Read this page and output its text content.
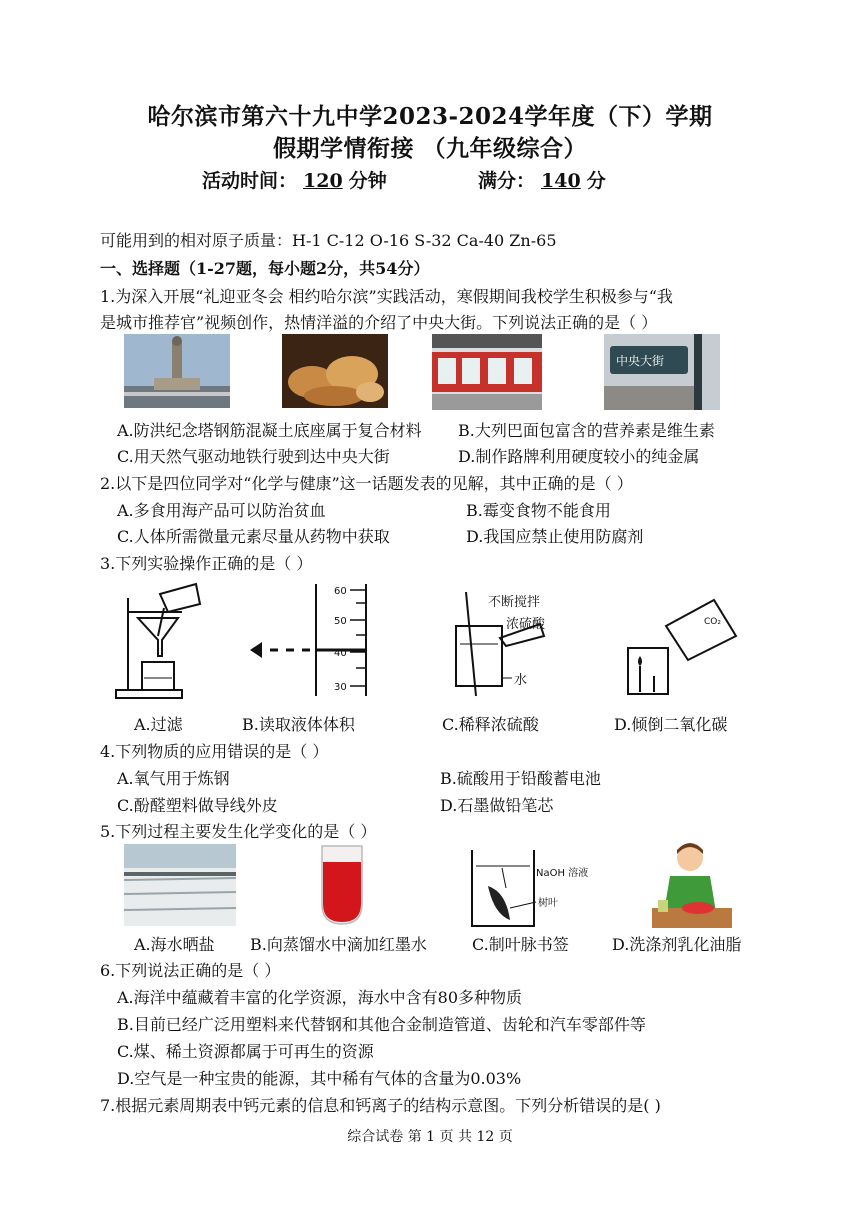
哈尔滨市第六十九中学2023-2024学年度（下）学期
假期学情衔接 （九年级综合）
活动时间： 120 分钟	满分： 140 分
可能用到的相对原子质量：H-1 C-12 O-16 S-32 Ca-40 Zn-65
一、选择题（1-27题，每小题2分，共54分）
1.为深入开展“礼迎亚冬会 相约哈尔滨”实践活动，寒假期间我校学生积极参与“我
是城市推荐官”视频创作，热情洋溢的介绍了中央大街。下列说法正确的是（ ）
中央大街
A.防洪纪念塔钢筋混凝土底座属于复合材料 B.大列巴面包富含的营养素是维生素
C.用天然气驱动地铁行驶到达中央大街	D.制作路牌利用硬度较小的纯金属
2.以下是四位同学对“化学与健康”这一话题发表的见解，其中正确的是（ ）
A.多食用海产品可以防治贫血	B.霉变食物不能食用
C.人体所需微量元素尽量从药物中获取	D.我国应禁止使用防腐剂
3.下列实验操作正确的是（ ）
60
50
40
30
不断搅拌
浓硫酸
水
CO₂
A.过滤	B.读取液体体积	C.稀释浓硫酸	D.倾倒二氧化碳
4.下列物质的应用错误的是（ ）
A.氧气用于炼钢	B.硫酸用于铅酸蓄电池
C.酚醛塑料做导线外皮	D.石墨做铅笔芯
5.下列过程主要发生化学变化的是（ ）
NaOH 溶液
树叶
A.海水晒盐 B.向蒸馏水中滴加红墨水	C.制叶脉书签	D.洗涤剂乳化油脂
6.下列说法正确的是（ ）
A.海洋中蕴藏着丰富的化学资源，海水中含有80多种物质
B.目前已经广泛用塑料来代替钢和其他合金制造管道、齿轮和汽车零部件等
C.煤、稀土资源都属于可再生的资源
D.空气是一种宝贵的能源，其中稀有气体的含量为0.03%
7.根据元素周期表中钙元素的信息和钙离子的结构示意图。下列分析错误的是( )
综合试卷 第 1 页 共 12 页
